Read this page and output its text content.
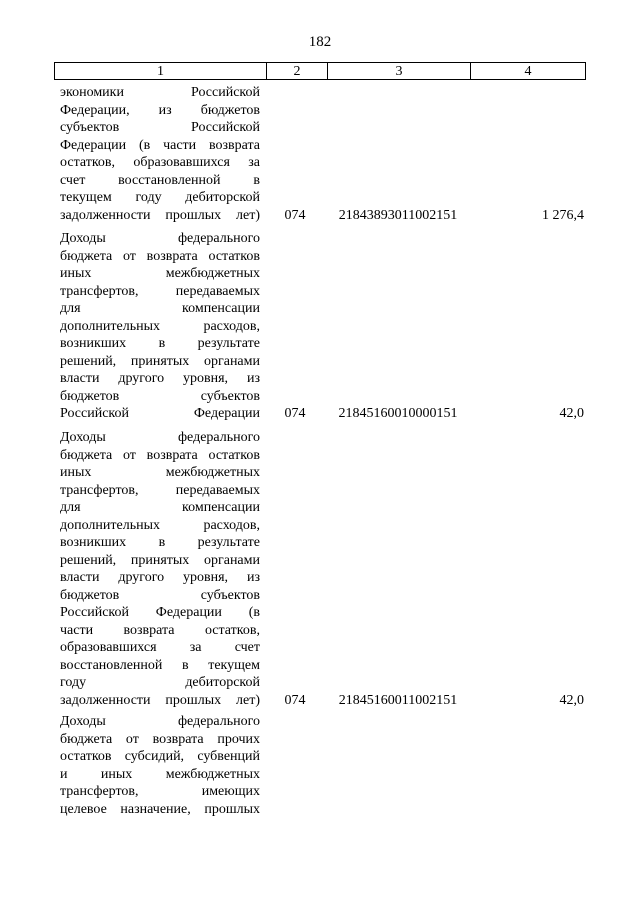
182
1	2	3	4
экономики	Российской
Федерации, из бюджетов
субъектов	Российской
Федерации (в части возврата
остатков, образовавшихся за
счет восстановленной в
текущем году дебиторской
задолженности прошлых лет)	074	21843893011002151	1 276,4
Доходы	федерального
бюджета от возврата остатков
иных	межбюджетных
трансфертов,	передаваемых
для	компенсации
дополнительных	расходов,
возникших в результате
решений, принятых органами
власти другого уровня, из
бюджетов	субъектов
Российской Федерации	074	21845160010000151	42,0
Доходы	федерального
бюджета от возврата остатков
иных	межбюджетных
трансфертов,	передаваемых
для	компенсации
дополнительных	расходов,
возникших в результате
решений, принятых органами
власти другого уровня, из
бюджетов	субъектов
Российской Федерации (в
части возврата остатков,
образовавшихся за счет
восстановленной в текущем
году	дебиторской
задолженности прошлых лет)	074	21845160011002151	42,0
Доходы	федерального
бюджета от возврата прочих
остатков субсидий, субвенций
и иных межбюджетных
трансфертов,	имеющих
целевое назначение, прошлых
